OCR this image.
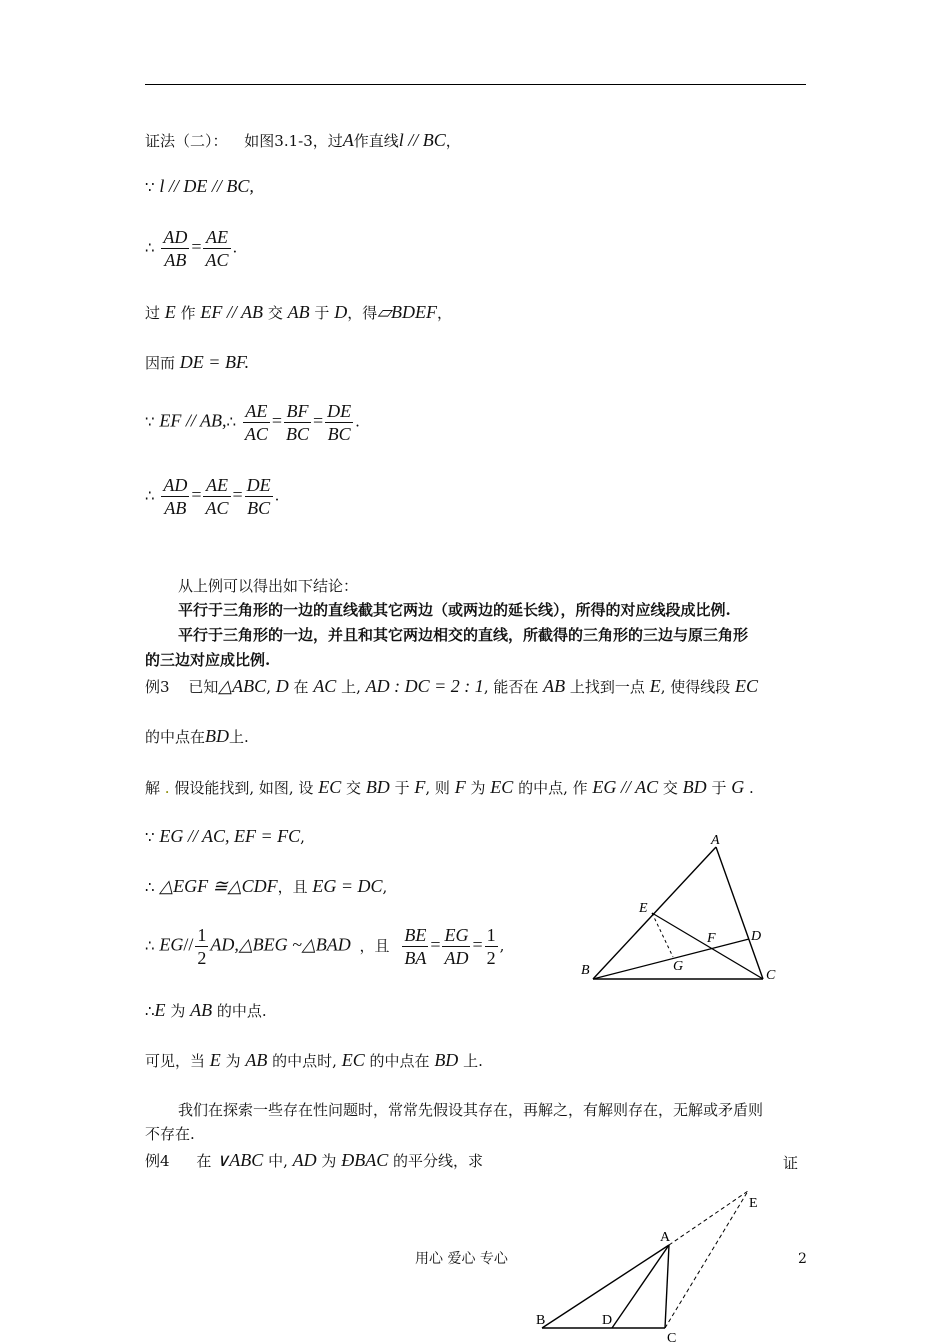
证法（二）： 如图3.1-3，过A作直线l // BC，
∵ l // DE // BC,
∴ $\frac{AD}{AB} = \frac{AE}{AC}$ .
过 E 作 EF // AB 交 AB 于 D，得▱BDEF，
因而 DE = BF.
∵ EF // AB,∴ $\frac{AE}{AC} = \frac{BF}{BC} = \frac{DE}{BC}$ .
∴ $\frac{AD}{AB} = \frac{AE}{AC} = \frac{DE}{BC}$ .
从上例可以得出如下结论：
平行于三角形的一边的直线截其它两边（或两边的延长线），所得的对应线段成比例.
平行于三角形的一边，并且和其它两边相交的直线，所截得的三角形的三边与原三角形
的三边对应成比例.
例3 已知△ABC, D 在 AC 上, AD : DC = 2 : 1, 能否在 AB 上找到一点 E, 使得线段 EC
的中点在BD上.
解 . 假设能找到, 如图, 设 EC 交 BD 于 F, 则 F 为 EC 的中点, 作 EG // AC 交 BD 于 G .
∵ EG // AC, EF = FC,
∴ △EGF ≅△CDF，且 EG = DC,
∴ $EG// \frac{1}{2}$ AD,△BEG ~△BAD ，且 $\frac{BE}{BA} = \frac{EG}{AD} = \frac{1}{2}$ ,
∴E 为 AB 的中点.
可见，当 E 为 AB 的中点时, EC 的中点在 BD 上.
我们在探索一些存在性问题时，常常先假设其存在，再解之，有解则存在，无解或矛盾则
不存在.
例4 在 ∨ABC 中, AD 为 ÐBAC 的平分线，求	证
A
B	C
D
E
F
G
A
B
C
D
E
用心 爱心 专心	2
